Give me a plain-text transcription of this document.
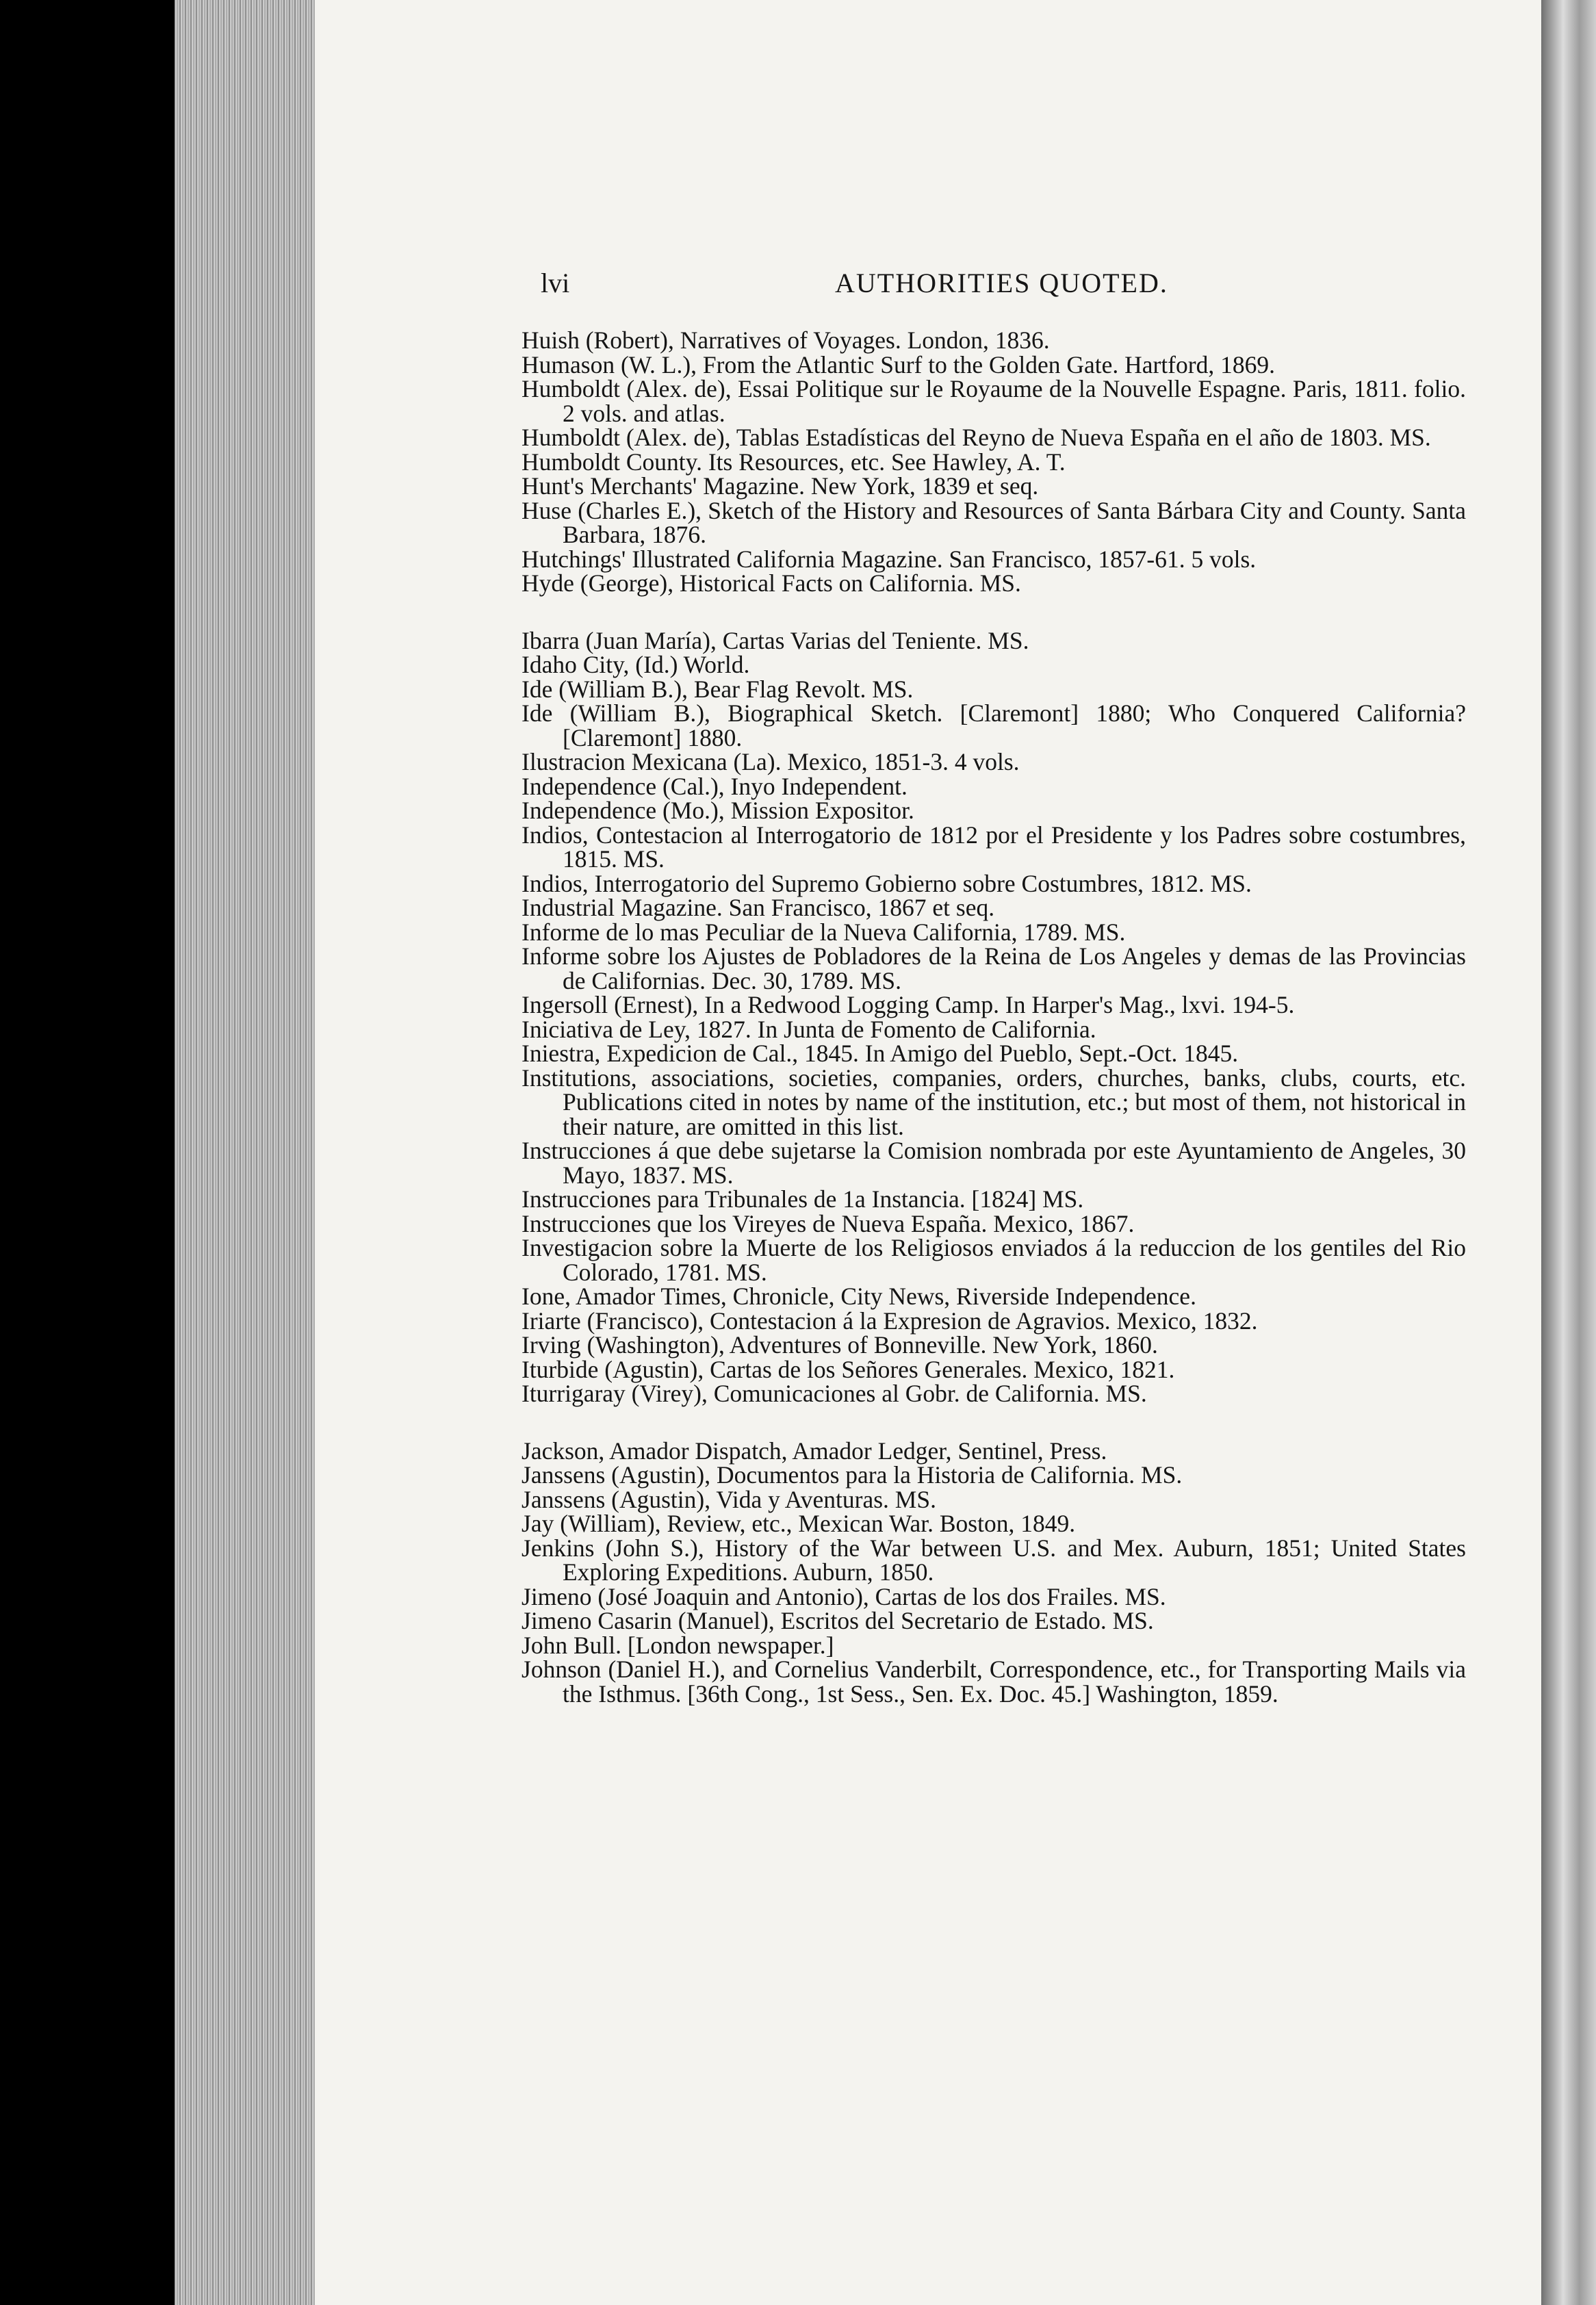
lvi	AUTHORITIES QUOTED.

Huish (Robert), Narratives of Voyages. London, 1836.

Humason (W. L.), From the Atlantic Surf to the Golden Gate. Hartford, 1869.

Humboldt (Alex. de), Essai Politique sur le Royaume de la Nouvelle Espagne. Paris, 1811. folio. 2 vols. and atlas.

Humboldt (Alex. de), Tablas Estadísticas del Reyno de Nueva España en el año de 1803. MS.

Humboldt County. Its Resources, etc. See Hawley, A. T.

Hunt's Merchants' Magazine. New York, 1839 et seq.

Huse (Charles E.), Sketch of the History and Resources of Santa Bárbara City and County. Santa Barbara, 1876.

Hutchings' Illustrated California Magazine. San Francisco, 1857-61. 5 vols.

Hyde (George), Historical Facts on California. MS.

Ibarra (Juan María), Cartas Varias del Teniente. MS.

Idaho City, (Id.) World.

Ide (William B.), Bear Flag Revolt. MS.

Ide (William B.), Biographical Sketch. [Claremont] 1880; Who Conquered California? [Claremont] 1880.

Ilustracion Mexicana (La). Mexico, 1851-3. 4 vols.

Independence (Cal.), Inyo Independent.

Independence (Mo.), Mission Expositor.

Indios, Contestacion al Interrogatorio de 1812 por el Presidente y los Padres sobre costumbres, 1815. MS.

Indios, Interrogatorio del Supremo Gobierno sobre Costumbres, 1812. MS.

Industrial Magazine. San Francisco, 1867 et seq.

Informe de lo mas Peculiar de la Nueva California, 1789. MS.

Informe sobre los Ajustes de Pobladores de la Reina de Los Angeles y demas de las Provincias de Californias. Dec. 30, 1789. MS.

Ingersoll (Ernest), In a Redwood Logging Camp. In Harper's Mag., lxvi. 194-5.

Iniciativa de Ley, 1827. In Junta de Fomento de California.

Iniestra, Expedicion de Cal., 1845. In Amigo del Pueblo, Sept.-Oct. 1845.

Institutions, associations, societies, companies, orders, churches, banks, clubs, courts, etc. Publications cited in notes by name of the institution, etc.; but most of them, not historical in their nature, are omitted in this list.

Instrucciones á que debe sujetarse la Comision nombrada por este Ayuntamiento de Angeles, 30 Mayo, 1837. MS.

Instrucciones para Tribunales de 1a Instancia. [1824] MS.

Instrucciones que los Vireyes de Nueva España. Mexico, 1867.

Investigacion sobre la Muerte de los Religiosos enviados á la reduccion de los gentiles del Rio Colorado, 1781. MS.

Ione, Amador Times, Chronicle, City News, Riverside Independence.

Iriarte (Francisco), Contestacion á la Expresion de Agravios. Mexico, 1832.

Irving (Washington), Adventures of Bonneville. New York, 1860.

Iturbide (Agustin), Cartas de los Señores Generales. Mexico, 1821.

Iturrigaray (Virey), Comunicaciones al Gobr. de California. MS.

Jackson, Amador Dispatch, Amador Ledger, Sentinel, Press.

Janssens (Agustin), Documentos para la Historia de California. MS.

Janssens (Agustin), Vida y Aventuras. MS.

Jay (William), Review, etc., Mexican War. Boston, 1849.

Jenkins (John S.), History of the War between U.S. and Mex. Auburn, 1851; United States Exploring Expeditions. Auburn, 1850.

Jimeno (José Joaquin and Antonio), Cartas de los dos Frailes. MS.

Jimeno Casarin (Manuel), Escritos del Secretario de Estado. MS.

John Bull. [London newspaper.]

Johnson (Daniel H.), and Cornelius Vanderbilt, Correspondence, etc., for Transporting Mails via the Isthmus. [36th Cong., 1st Sess., Sen. Ex. Doc. 45.] Washington, 1859.
